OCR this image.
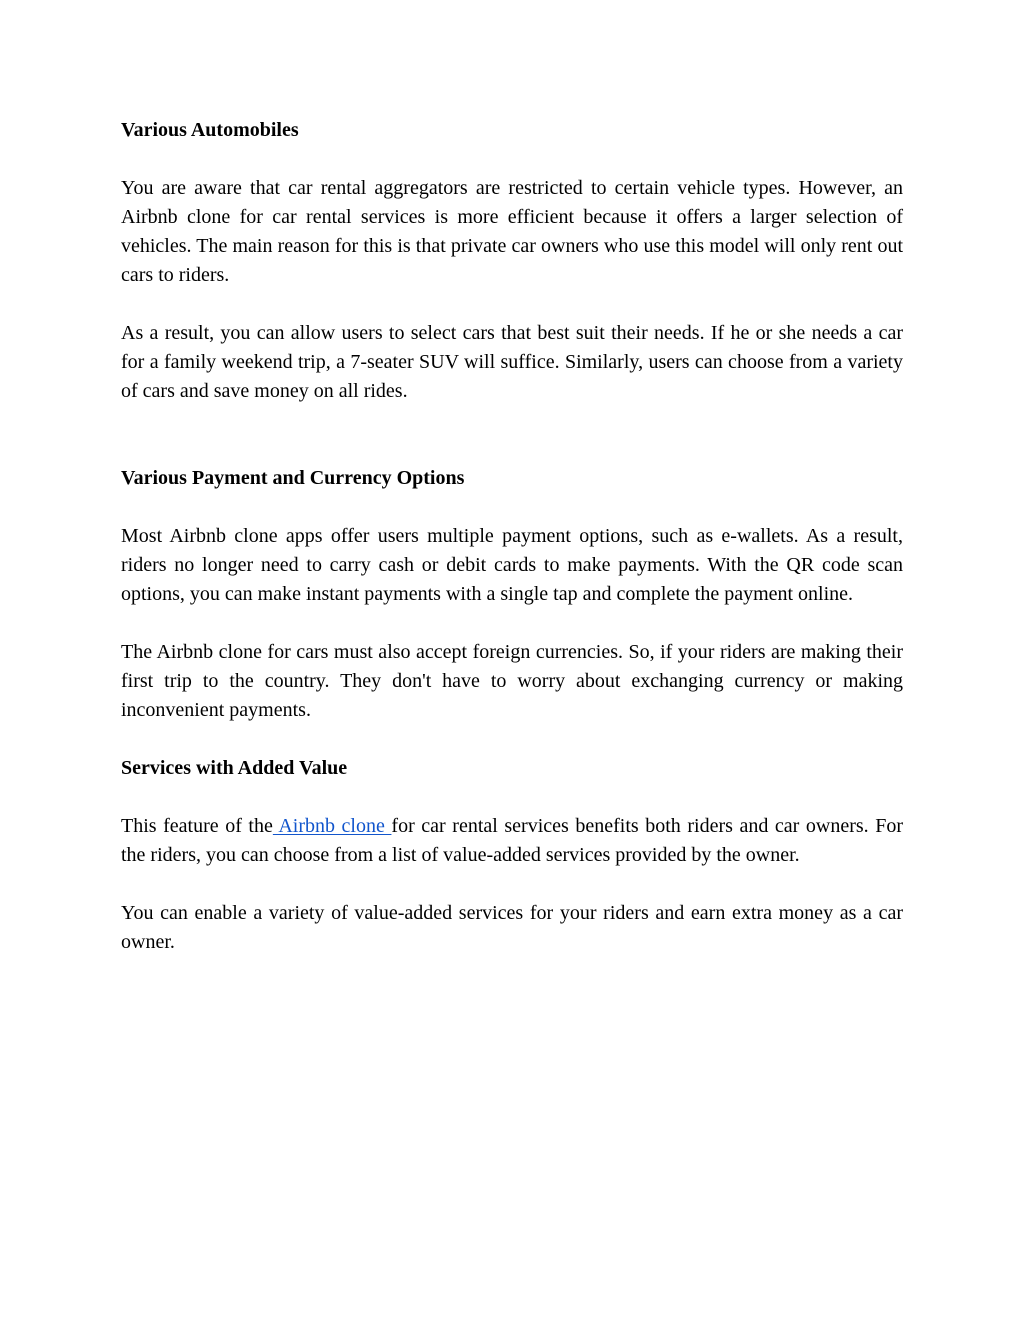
Various Automobiles

You are aware that car rental aggregators are restricted to certain vehicle types. However, an Airbnb clone for car rental services is more efficient because it offers a larger selection of vehicles. The main reason for this is that private car owners who use this model will only rent out cars to riders.

As a result, you can allow users to select cars that best suit their needs. If he or she needs a car for a family weekend trip, a 7-seater SUV will suffice. Similarly, users can choose from a variety of cars and save money on all rides.

Various Payment and Currency Options

Most Airbnb clone apps offer users multiple payment options, such as e-wallets. As a result, riders no longer need to carry cash or debit cards to make payments. With the QR code scan options, you can make instant payments with a single tap and complete the payment online.

The Airbnb clone for cars must also accept foreign currencies. So, if your riders are making their first trip to the country. They don't have to worry about exchanging currency or making inconvenient payments.

Services with Added Value

This feature of the Airbnb clone for car rental services benefits both riders and car owners. For the riders, you can choose from a list of value-added services provided by the owner.

You can enable a variety of value-added services for your riders and earn extra money as a car owner.
